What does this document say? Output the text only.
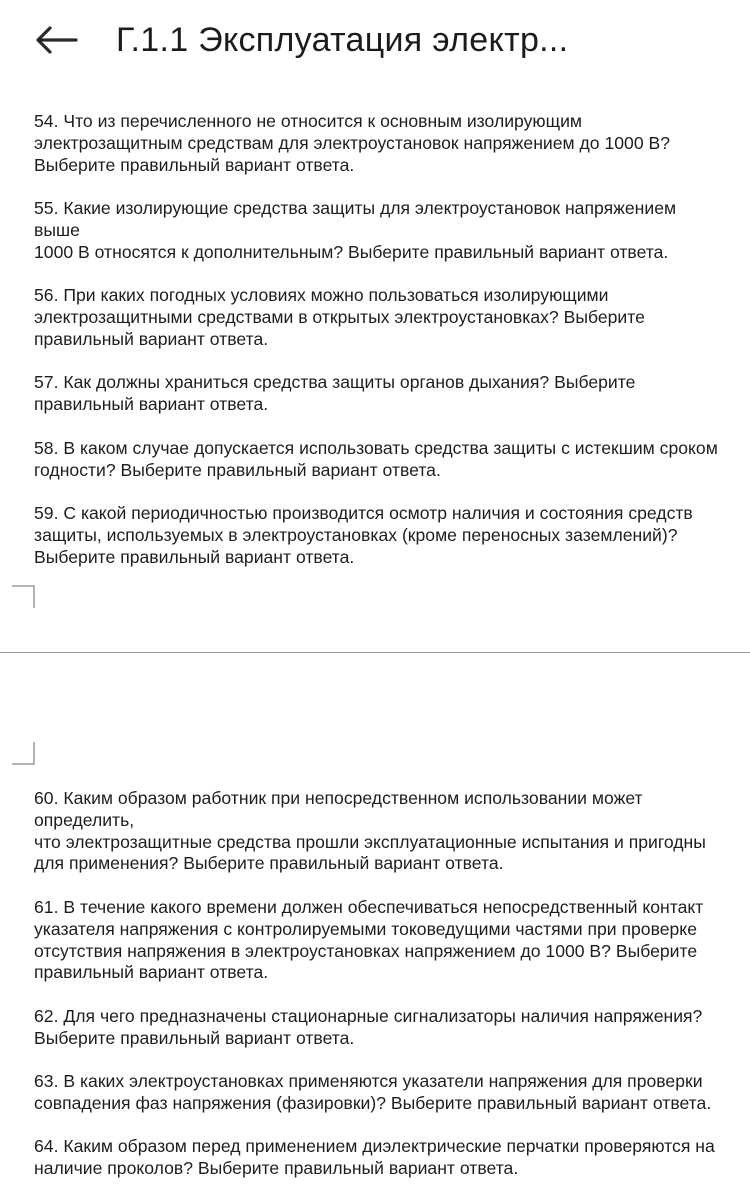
Г.1.1 Эксплуатация электр...
54. Что из перечисленного не относится к основным изолирующим
электрозащитным средствам для электроустановок напряжением до 1000 В?
Выберите правильный вариант ответа.
55. Какие изолирующие средства защиты для электроустановок напряжением
выше
1000 В относятся к дополнительным? Выберите правильный вариант ответа.
56. При каких погодных условиях можно пользоваться изолирующими
электрозащитными средствами в открытых электроустановках? Выберите
правильный вариант ответа.
57. Как должны храниться средства защиты органов дыхания? Выберите
правильный вариант ответа.
58. В каком случае допускается использовать средства защиты с истекшим сроком
годности? Выберите правильный вариант ответа.
59. С какой периодичностью производится осмотр наличия и состояния средств
защиты, используемых в электроустановках (кроме переносных заземлений)?
Выберите правильный вариант ответа.
60. Каким образом работник при непосредственном использовании может
определить,
что электрозащитные средства прошли эксплуатационные испытания и пригодны
для применения? Выберите правильный вариант ответа.
61. В течение какого времени должен обеспечиваться непосредственный контакт
указателя напряжения с контролируемыми токоведущими частями при проверке
отсутствия напряжения в электроустановках напряжением до 1000 В? Выберите
правильный вариант ответа.
62. Для чего предназначены стационарные сигнализаторы наличия напряжения?
Выберите правильный вариант ответа.
63. В каких электроустановках применяются указатели напряжения для проверки
совпадения фаз напряжения (фазировки)? Выберите правильный вариант ответа.
64. Каким образом перед применением диэлектрические перчатки проверяются на
наличие проколов? Выберите правильный вариант ответа.
